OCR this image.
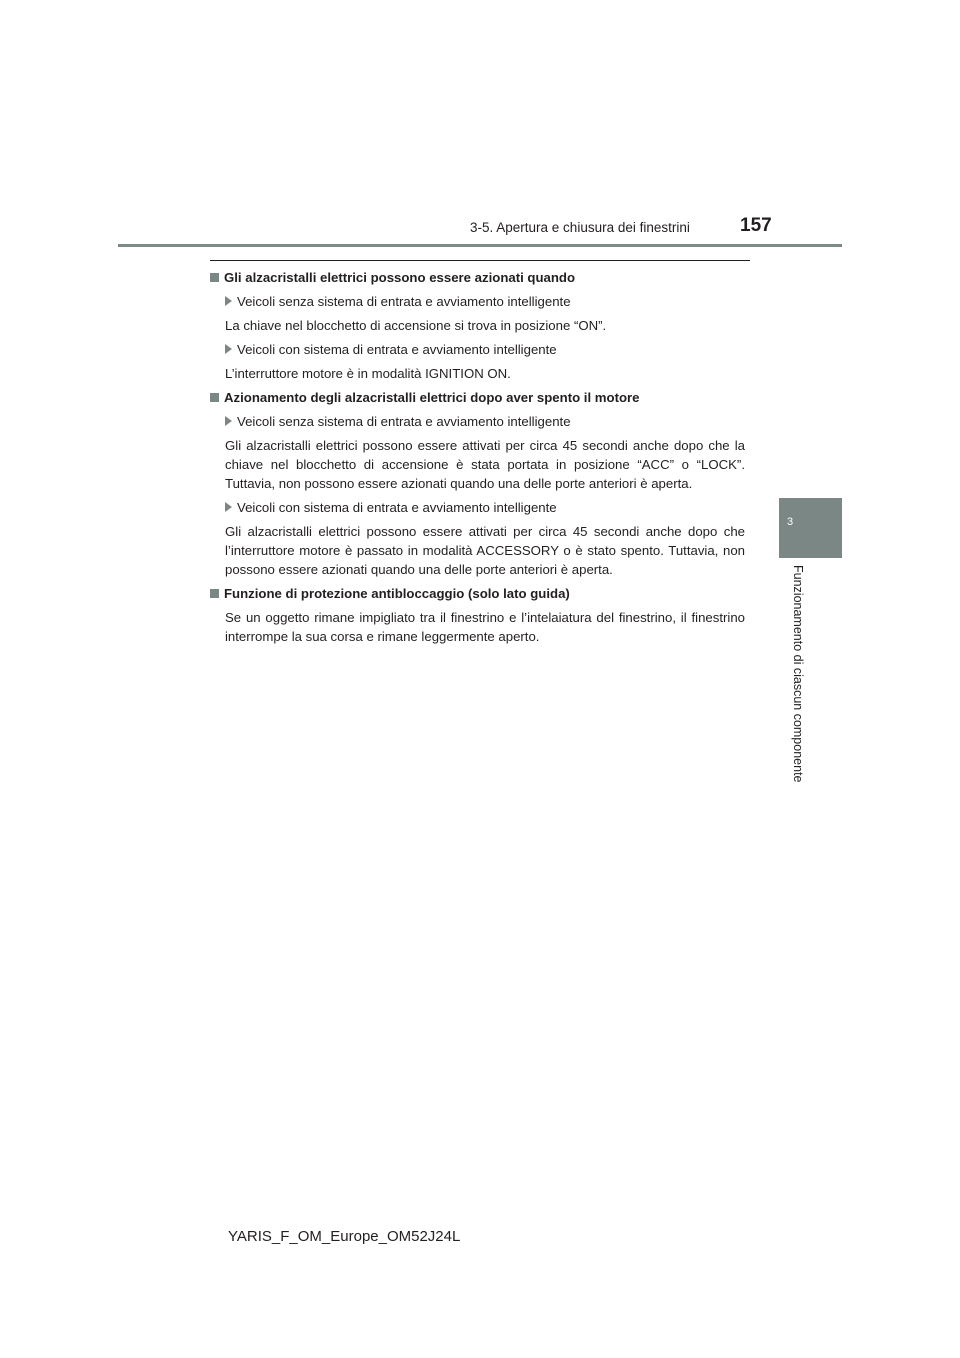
3-5. Apertura e chiusura dei finestrini	157
3
Funzionamento di ciascun componente
Gli alzacristalli elettrici possono essere azionati quando
Veicoli senza sistema di entrata e avviamento intelligente
La chiave nel blocchetto di accensione si trova in posizione “ON”.
Veicoli con sistema di entrata e avviamento intelligente
L’interruttore motore è in modalità IGNITION ON.
Azionamento degli alzacristalli elettrici dopo aver spento il motore
Veicoli senza sistema di entrata e avviamento intelligente
Gli alzacristalli elettrici possono essere attivati per circa 45 secondi anche dopo che la chiave nel blocchetto di accensione è stata portata in posizione “ACC” o “LOCK”. Tuttavia, non possono essere azionati quando una delle porte anteriori è aperta.
Veicoli con sistema di entrata e avviamento intelligente
Gli alzacristalli elettrici possono essere attivati per circa 45 secondi anche dopo che l’interruttore motore è passato in modalità ACCESSORY o è stato spento. Tuttavia, non possono essere azionati quando una delle porte anteriori è aperta.
Funzione di protezione antibloccaggio (solo lato guida)
Se un oggetto rimane impigliato tra il finestrino e l’intelaiatura del finestrino, il finestrino interrompe la sua corsa e rimane leggermente aperto.
YARIS_F_OM_Europe_OM52J24L
